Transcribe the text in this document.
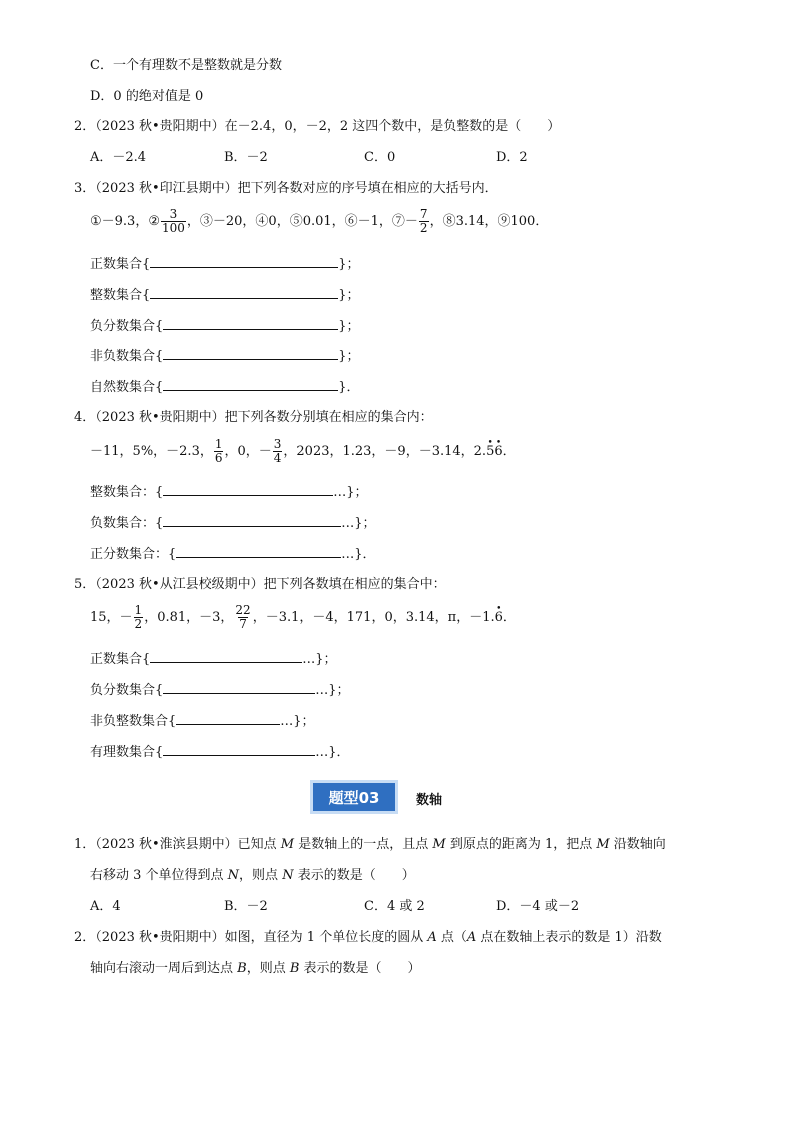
C．一个有理数不是整数就是分数
D．0 的绝对值是 0
2．（2023 秋•贵阳期中）在－2.4，0，－2，2 这四个数中，是负整数的是（　　）
A．－2.4	B．－2	C．0	D．2
3．（2023 秋•印江县期中）把下列各数对应的序号填在相应的大括号内．
①－9.3，② $\frac{3}{100}$ ，③－20，④0，⑤0.01，⑥－1，⑦－ $\frac{7}{2}$ ，⑧3.14，⑨100．
正数集合{	}；
整数集合{	}；
负分数集合{	}；
非负数集合{	}；
自然数集合{	}．
4．（2023 秋•贵阳期中）把下列各数分别填在相应的集合内：
－11，5%，－2.3， $\frac{1}{6}$ ，0，－ $\frac{3}{4}$ ，2023，1.23，－9，－3.14，2. • 5 • 6 ．
整数集合：{	…}；
负数集合：{	…}；
正分数集合：{	…}．
5．（2023 秋•从江县校级期中）把下列各数填在相应的集合中：
15，－ $\frac{1}{2}$ ，0.81，－3， $\frac{22}{7}$ ，－3.1，－4，171，0，3.14，π，－1. • 6 ．
正数集合{	…}；
负分数集合{	…}；
非负整数集合{	…}；
有理数集合{	…}．
题型03	数轴
1．（2023 秋•淮滨县期中）已知点 M 是数轴上的一点，且点 M 到原点的距离为 1，把点 M 沿数轴向
右移动 3 个单位得到点 N，则点 N 表示的数是（　　）
A．4	B．－2	C．4 或 2	D．－4 或－2
2．（2023 秋•贵阳期中）如图，直径为 1 个单位长度的圆从 A 点（A 点在数轴上表示的数是 1）沿数
轴向右滚动一周后到达点 B，则点 B 表示的数是（　　）
